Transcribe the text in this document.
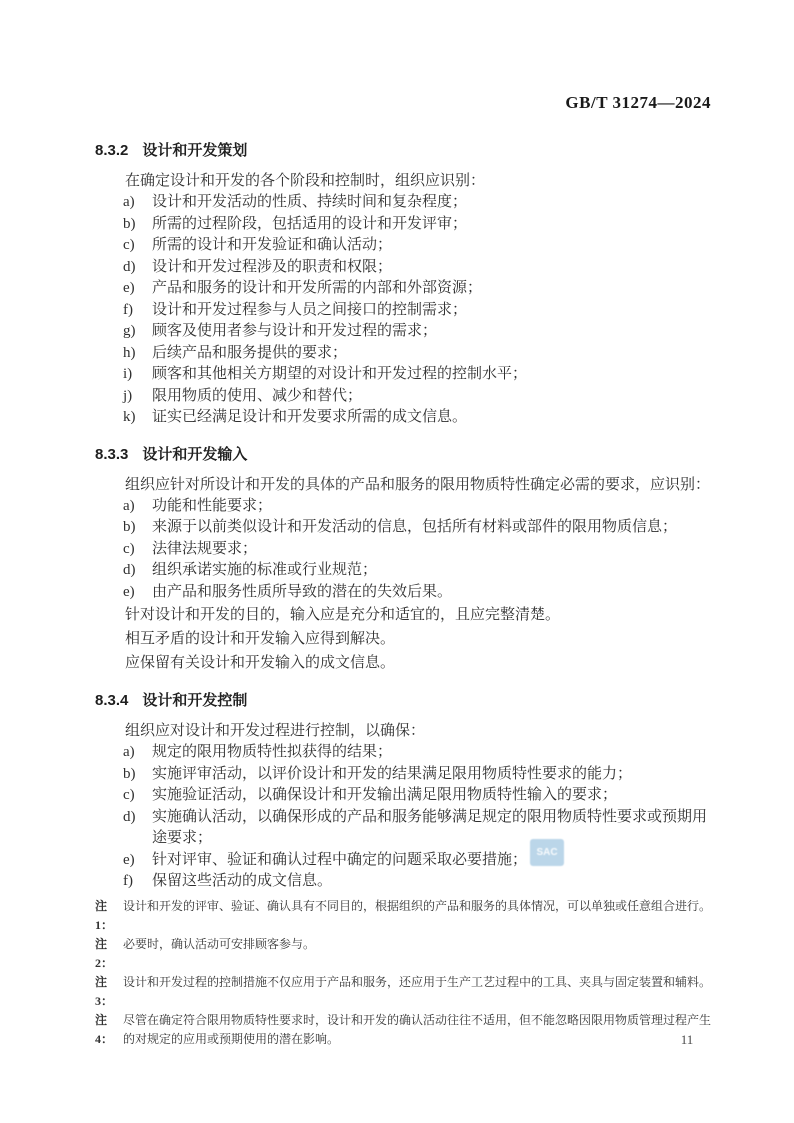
GB/T 31274—2024
8.3.2 设计和开发策划

在确定设计和开发的各个阶段和控制时，组织应识别：

a)	设计和开发活动的性质、持续时间和复杂程度；
b)	所需的过程阶段，包括适用的设计和开发评审；
c)	所需的设计和开发验证和确认活动；
d)	设计和开发过程涉及的职责和权限；
e)	产品和服务的设计和开发所需的内部和外部资源；
f)	设计和开发过程参与人员之间接口的控制需求；
g)	顾客及使用者参与设计和开发过程的需求；
h)	后续产品和服务提供的要求；
i)	顾客和其他相关方期望的对设计和开发过程的控制水平；
j)	限用物质的使用、减少和替代；
k)	证实已经满足设计和开发要求所需的成文信息。
8.3.3 设计和开发输入

组织应针对所设计和开发的具体的产品和服务的限用物质特性确定必需的要求，应识别：

a)	功能和性能要求；
b)	来源于以前类似设计和开发活动的信息，包括所有材料或部件的限用物质信息；
c)	法律法规要求；
d)	组织承诺实施的标准或行业规范；
e)	由产品和服务性质所导致的潜在的失效后果。

针对设计和开发的目的，输入应是充分和适宜的，且应完整清楚。

相互矛盾的设计和开发输入应得到解决。

应保留有关设计和开发输入的成文信息。

8.3.4 设计和开发控制

组织应对设计和开发过程进行控制，以确保：

a)	规定的限用物质特性拟获得的结果；
b)	实施评审活动，以评价设计和开发的结果满足限用物质特性要求的能力；
c)	实施验证活动，以确保设计和开发输出满足限用物质特性输入的要求；
d)	实施确认活动，以确保形成的产品和服务能够满足规定的限用物质特性要求或预期用途要求；
e)	针对评审、验证和确认过程中确定的问题采取必要措施；
f)	保留这些活动的成文信息。
注1：
设计和开发的评审、验证、确认具有不同目的，根据组织的产品和服务的具体情况，可以单独或任意组合进行。
注2：
必要时，确认活动可安排顾客参与。
注3：
设计和开发过程的控制措施不仅应用于产品和服务，还应用于生产工艺过程中的工具、夹具与固定装置和辅料。
注4：
尽管在确定符合限用物质特性要求时，设计和开发的确认活动往往不适用，但不能忽略因限用物质管理过程产生的对规定的应用或预期使用的潜在影响。
SAC
11
